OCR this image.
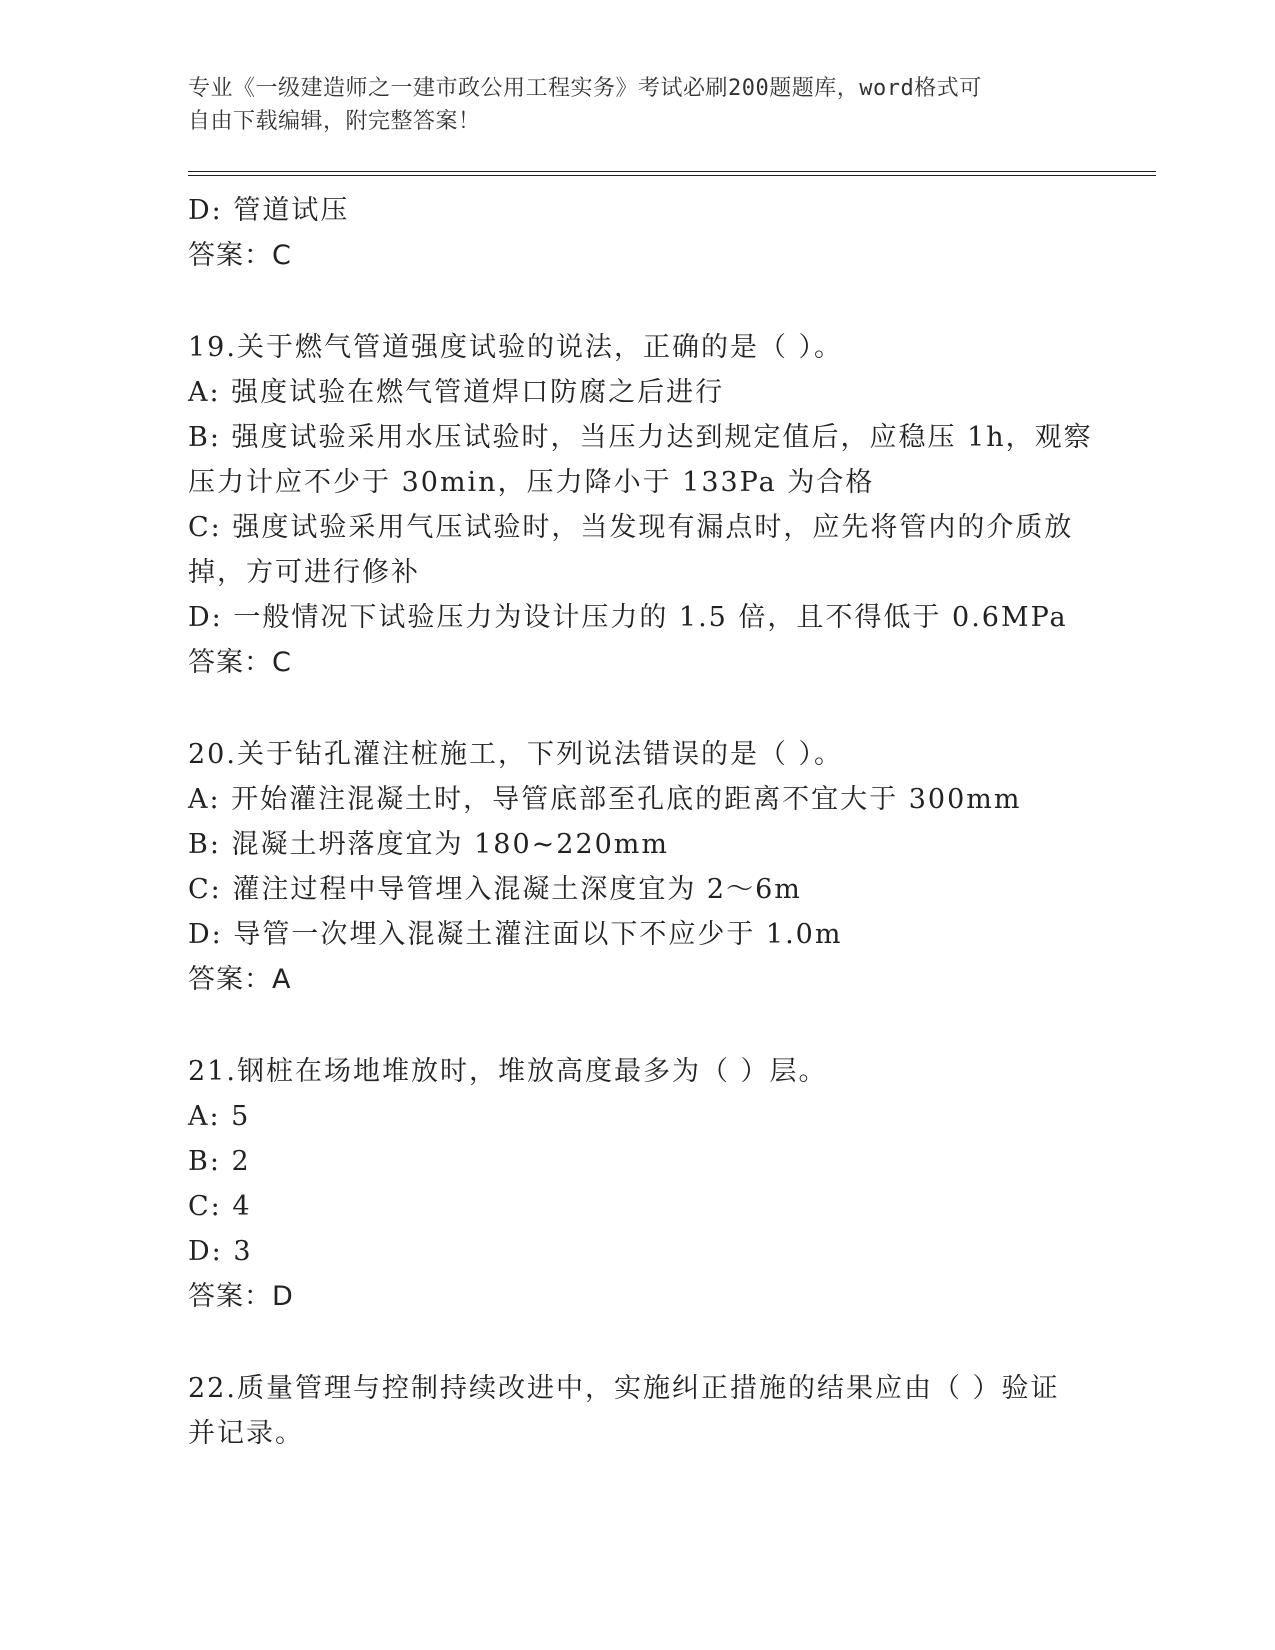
专业《一级建造师之一建市政公用工程实务》考试必刷200题题库，word格式可
自由下载编辑，附完整答案！
D: 管道试压
答案：C
19.关于燃气管道强度试验的说法，正确的是（ ）。
A: 强度试验在燃气管道焊口防腐之后进行
B: 强度试验采用水压试验时，当压力达到规定值后，应稳压 1h，观察
压力计应不少于 30min，压力降小于 133Pa 为合格
C: 强度试验采用气压试验时，当发现有漏点时，应先将管内的介质放
掉，方可进行修补
D: 一般情况下试验压力为设计压力的 1.5 倍，且不得低于 0.6MPa
答案：C
20.关于钻孔灌注桩施工，下列说法错误的是（ ）。
A: 开始灌注混凝土时，导管底部至孔底的距离不宜大于 300mm
B: 混凝土坍落度宜为 180~220mm
C: 灌注过程中导管埋入混凝土深度宜为 2～6m
D: 导管一次埋入混凝土灌注面以下不应少于 1.0m
答案：A
21.钢桩在场地堆放时，堆放高度最多为（ ）层。
A: 5
B: 2
C: 4
D: 3
答案：D
22.质量管理与控制持续改进中，实施纠正措施的结果应由（ ）验证
并记录。
